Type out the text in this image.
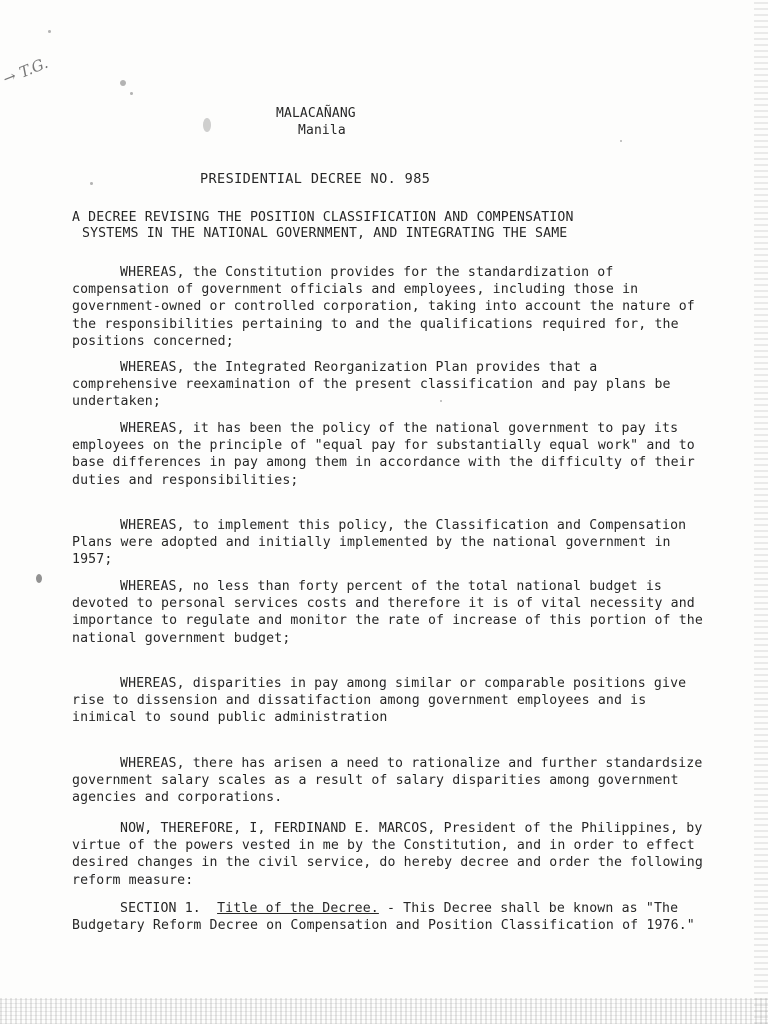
→ T.G.
MALACAÑANG
Manila
PRESIDENTIAL DECREE NO. 985
A DECREE REVISING THE POSITION CLASSIFICATION AND COMPENSATION
SYSTEMS IN THE NATIONAL GOVERNMENT, AND INTEGRATING THE SAME

WHEREAS, the Constitution provides for the standardization of compensation of government officials and employees, including those in government-owned or controlled corporation, taking into account the nature of the responsibilities pertaining to and the qualifications required for, the positions concerned;

WHEREAS, the Integrated Reorganization Plan provides that a comprehensive reexamination of the present classification and pay plans be undertaken;

WHEREAS, it has been the policy of the national government to pay its employees on the principle of "equal pay for substantially equal work" and to base differences in pay among them in accordance with the difficulty of their duties and responsibilities;

WHEREAS, to implement this policy, the Classification and Compensation Plans were adopted and initially implemented by the national government in 1957;

WHEREAS, no less than forty percent of the total national budget is devoted to personal services costs and therefore it is of vital necessity and importance to regulate and monitor the rate of increase of this portion of the national government budget;

WHEREAS, disparities in pay among similar or comparable positions give rise to dissension and dissatifaction among government employees and is inimical to sound public administration

WHEREAS, there has arisen a need to rationalize and further standardsize government salary scales as a result of salary disparities among government agencies and corporations.

NOW, THEREFORE, I, FERDINAND E. MARCOS, President of the Philippines, by virtue of the powers vested in me by the Constitution, and in order to effect desired changes in the civil service, do hereby decree and order the following reform measure:

SECTION 1. Title of the Decree. - This Decree shall be known as "The Budgetary Reform Decree on Compensation and Position Classification of 1976."
